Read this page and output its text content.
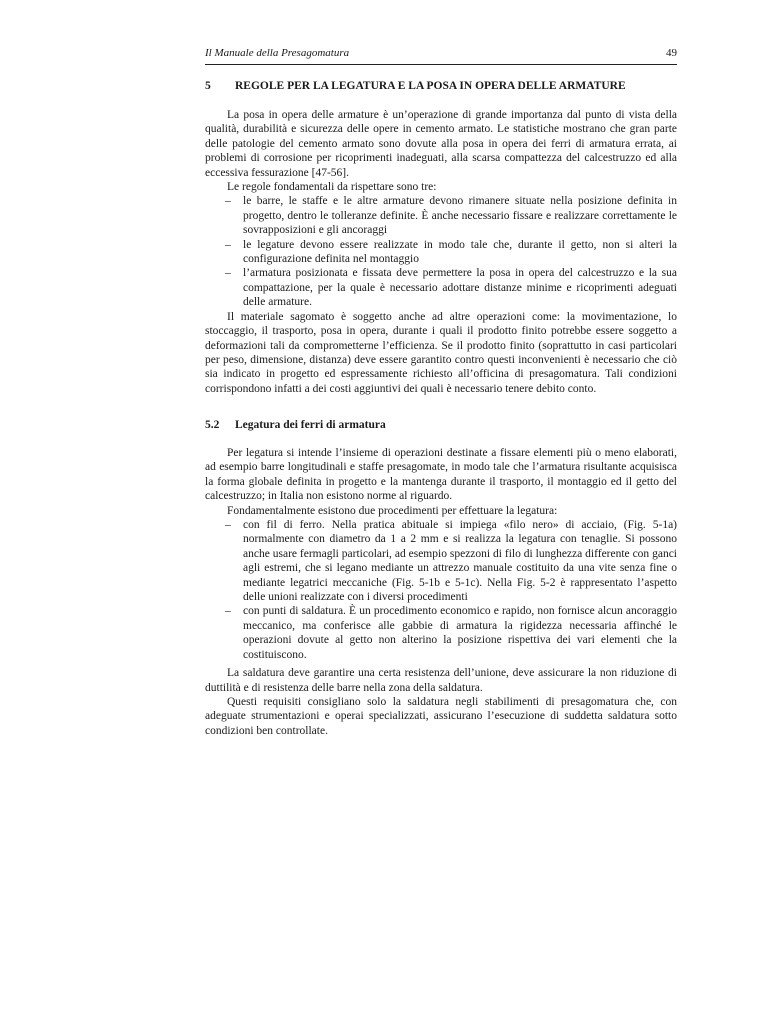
Il Manuale della Presagomatura	49
5 REGOLE PER LA LEGATURA E LA POSA IN OPERA DELLE ARMATURE

La posa in opera delle armature è un’operazione di grande importanza dal punto di vista della qualità, durabilità e sicurezza delle opere in cemento armato. Le statistiche mostrano che gran parte delle patologie del cemento armato sono dovute alla posa in opera dei ferri di armatura errata, ai problemi di corrosione per ricoprimenti inadeguati, alla scarsa compattezza del calcestruzzo ed alla eccessiva fessurazione [47-56].

Le regole fondamentali da rispettare sono tre:

– le barre, le staffe e le altre armature devono rimanere situate nella posizione definita in progetto, dentro le tolleranze definite. È anche necessario fissare e realizzare correttamente le sovrapposizioni e gli ancoraggi
– le legature devono essere realizzate in modo tale che, durante il getto, non si alteri la configurazione definita nel montaggio
– l’armatura posizionata e fissata deve permettere la posa in opera del calcestruzzo e la sua compattazione, per la quale è necessario adottare distanze minime e ricoprimenti adeguati delle armature.

Il materiale sagomato è soggetto anche ad altre operazioni come: la movimentazione, lo stoccaggio, il trasporto, posa in opera, durante i quali il prodotto finito potrebbe essere soggetto a deformazioni tali da comprometterne l’efficienza. Se il prodotto finito (soprattutto in casi particolari per peso, dimensione, distanza) deve essere garantito contro questi inconvenienti è necessario che ciò sia indicato in progetto ed espressamente richiesto all’officina di presagomatura. Tali condizioni corrispondono infatti a dei costi aggiuntivi dei quali è necessario tenere debito conto.

5.2 Legatura dei ferri di armatura

Per legatura si intende l’insieme di operazioni destinate a fissare elementi più o meno elaborati, ad esempio barre longitudinali e staffe presagomate, in modo tale che l’armatura risultante acquisisca la forma globale definita in progetto e la mantenga durante il trasporto, il montaggio ed il getto del calcestruzzo; in Italia non esistono norme al riguardo.

Fondamentalmente esistono due procedimenti per effettuare la legatura:

– con fil di ferro. Nella pratica abituale si impiega «filo nero» di acciaio, (Fig. 5-1a) normalmente con diametro da 1 a 2 mm e si realizza la legatura con tenaglie. Si possono anche usare fermagli particolari, ad esempio spezzoni di filo di lunghezza differente con ganci agli estremi, che si legano mediante un attrezzo manuale costituito da una vite senza fine o mediante legatrici meccaniche (Fig. 5-1b e 5-1c). Nella Fig. 5-2 è rappresentato l’aspetto delle unioni realizzate con i diversi procedimenti
– con punti di saldatura. È un procedimento economico e rapido, non fornisce alcun ancoraggio meccanico, ma conferisce alle gabbie di armatura la rigidezza necessaria affinché le operazioni dovute al getto non alterino la posizione rispettiva dei vari elementi che la costituiscono.

La saldatura deve garantire una certa resistenza dell’unione, deve assicurare la non riduzione di duttilità e di resistenza delle barre nella zona della saldatura.

Questi requisiti consigliano solo la saldatura negli stabilimenti di presagomatura che, con adeguate strumentazioni e operai specializzati, assicurano l’esecuzione di suddetta saldatura sotto condizioni ben controllate.
